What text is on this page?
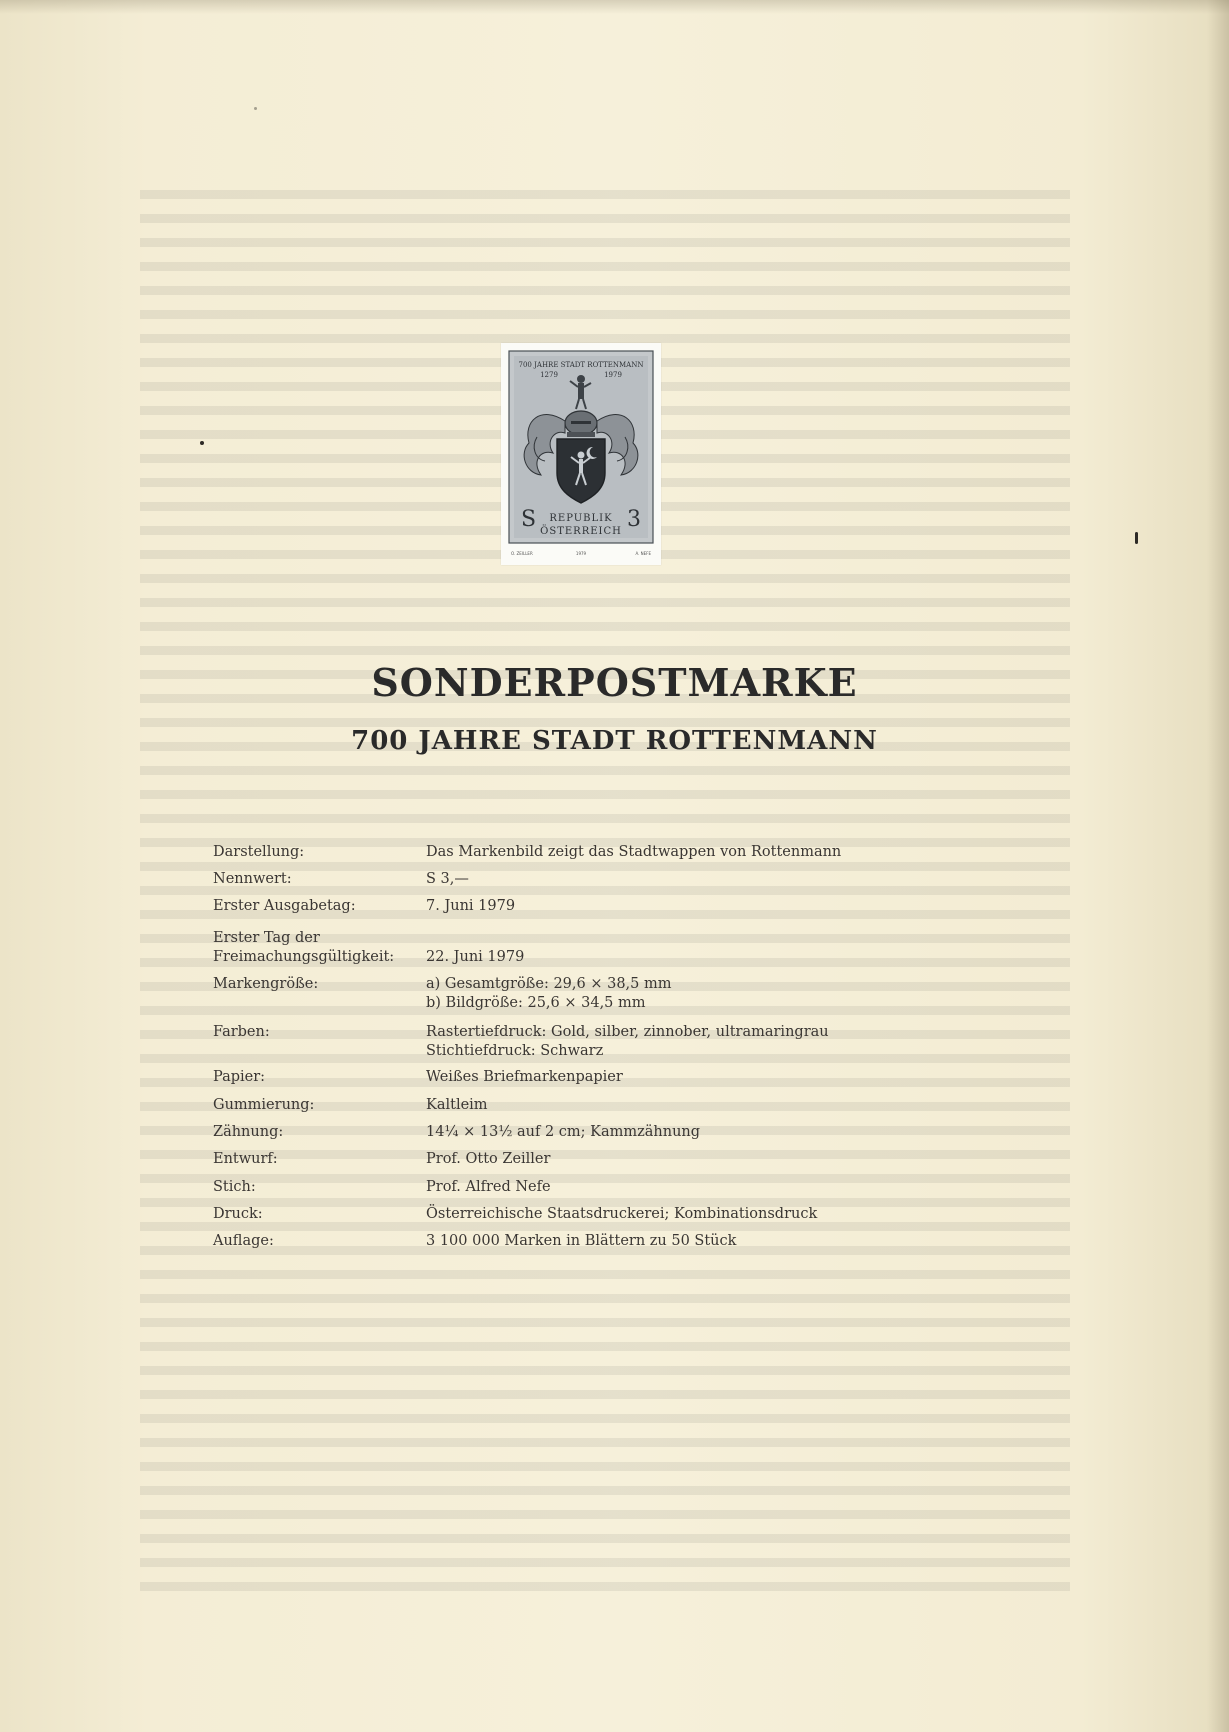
700 JAHRE STADT ROTTENMANN
1279	1979
S	3
REPUBLIK
ÖSTERREICH
O. ZEILLER	1979	A. NEFE
SONDERPOSTMARKE
700 JAHRE STADT ROTTENMANN
Darstellung:	Das Markenbild zeigt das Stadtwappen von Rottenmann
Nennwert:	S 3,—
Erster Ausgabetag:	7. Juni 1979
Erster Tag der
Freimachungsgültigkeit:	22. Juni 1979
Markengröße:	a) Gesamtgröße: 29,6 × 38,5 mm
b) Bildgröße: 25,6 × 34,5 mm
Farben:	Rastertiefdruck: Gold, silber, zinnober, ultramaringrau
Stichtiefdruck: Schwarz
Papier:	Weißes Briefmarkenpapier
Gummierung:	Kaltleim
Zähnung:	14¼ × 13½ auf 2 cm; Kammzähnung
Entwurf:	Prof. Otto Zeiller
Stich:	Prof. Alfred Nefe
Druck:	Österreichische Staatsdruckerei; Kombinationsdruck
Auflage:	3 100 000 Marken in Blättern zu 50 Stück
